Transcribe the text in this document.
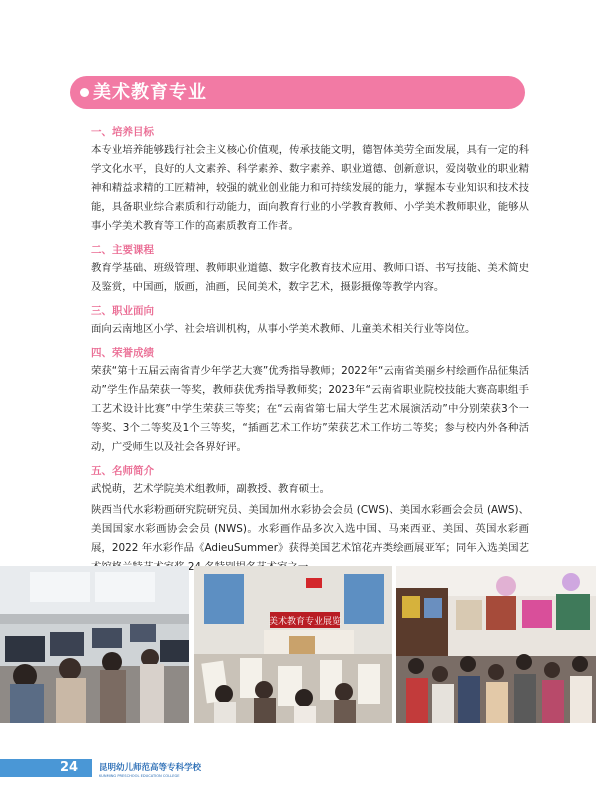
美术教育专业
一、培养目标

本专业培养能够践行社会主义核心价值观，传承技能文明，德智体美劳全面发展，具有一定的科学文化水平，良好的人文素养、科学素养、数字素养、职业道德、创新意识，爱岗敬业的职业精神和精益求精的工匠精神，较强的就业创业能力和可持续发展的能力，掌握本专业知识和技术技能，具备职业综合素质和行动能力，面向教育行业的小学教育教师、小学美术教师职业，能够从事小学美术教育等工作的高素质教育工作者。

二、主要课程

教育学基础、班级管理、教师职业道德、数字化教育技术应用、教师口语、书写技能、美术简史及鉴赏，中国画，版画，油画，民间美术，数字艺术，摄影摄像等教学内容。

三、职业面向

面向云南地区小学、社会培训机构，从事小学美术教师、儿童美术相关行业等岗位。

四、荣誉成绩

荣获“第十五届云南省青少年学艺大赛”优秀指导教师；2022年“云南省美丽乡村绘画作品征集活动”学生作品荣获一等奖，教师获优秀指导教师奖；2023年“云南省职业院校技能大赛高职组手工艺术设计比赛”中学生荣获三等奖；在“云南省第七届大学生艺术展演活动”中分别荣获3个一等奖、3个二等奖及1个三等奖，“插画艺术工作坊”荣获艺术工作坊二等奖；参与校内外各种活动，广受师生以及社会各界好评。

五、名师简介

武悦萌，艺术学院美术组教师，副教授、教育硕士。

陕西当代水彩粉画研究院研究员、美国加州水彩协会会员 (CWS)、美国水彩画会会员 (AWS)、美国国家水彩画协会会员 (NWS)。水彩画作品多次入选中国、马来西亚、美国、英国水彩画展，2022 年水彩作品《AdieuSummer》获得美国艺术馆花卉类绘画展亚军；同年入选美国艺

美术教育专业展览
24 昆明幼儿师范高等专科学校
KUNMING PRESCHOOL EDUCATION COLLEGE
